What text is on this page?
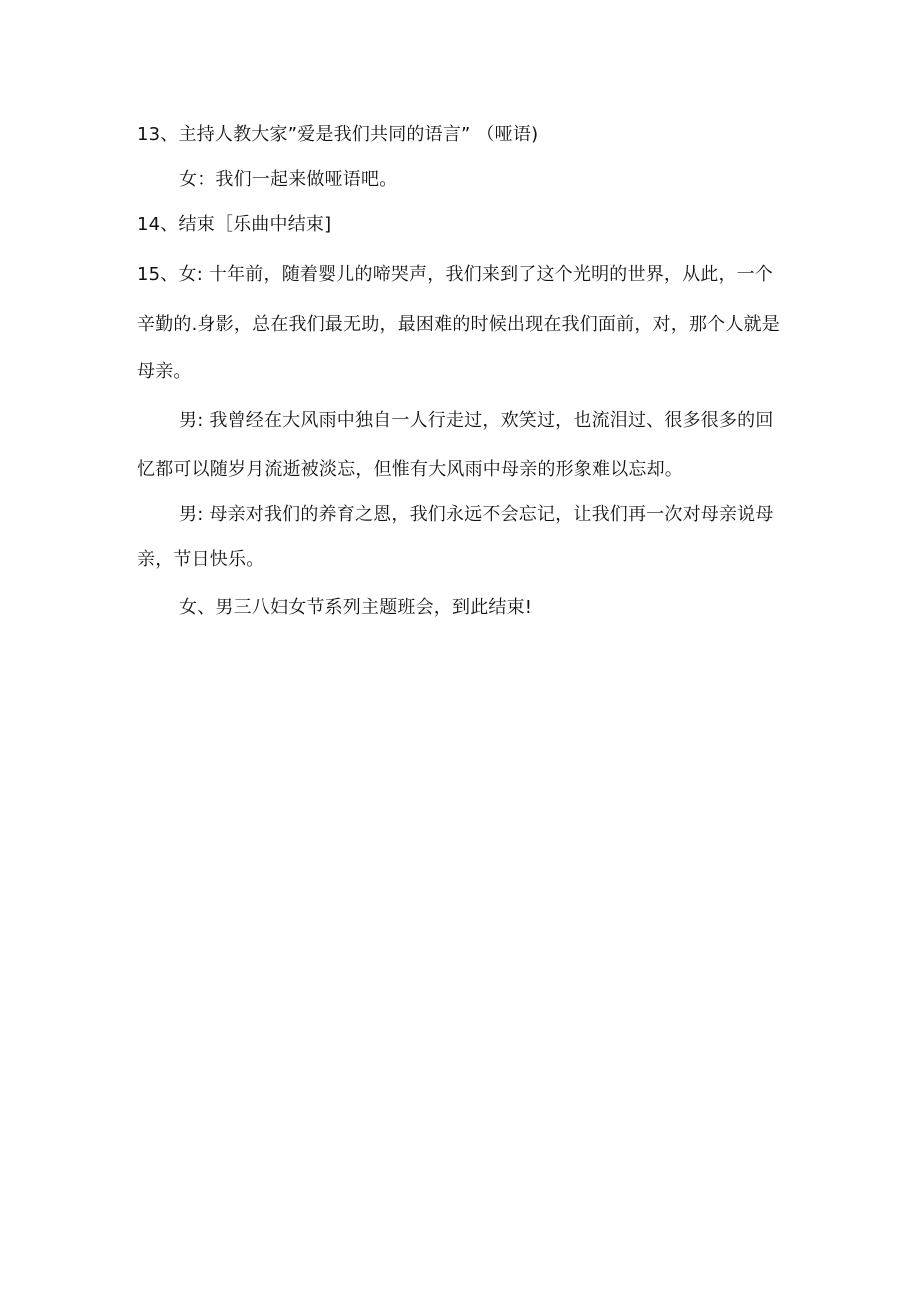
13、主持人教大家”爱是我们共同的语言” （哑语)
女：我们一起来做哑语吧。
14、结束［乐曲中结束]
15、女: 十年前，随着婴儿的啼哭声，我们来到了这个光明的世界，从此，一个
辛勤的.身影，总在我们最无助，最困难的时候出现在我们面前，对，那个人就是
母亲。
男: 我曾经在大风雨中独自一人行走过，欢笑过，也流泪过、很多很多的回
忆都可以随岁月流逝被淡忘，但惟有大风雨中母亲的形象难以忘却。
男: 母亲对我们的养育之恩，我们永远不会忘记，让我们再一次对母亲说母
亲，节日快乐。
女、男三八妇女节系列主题班会，到此结束!
